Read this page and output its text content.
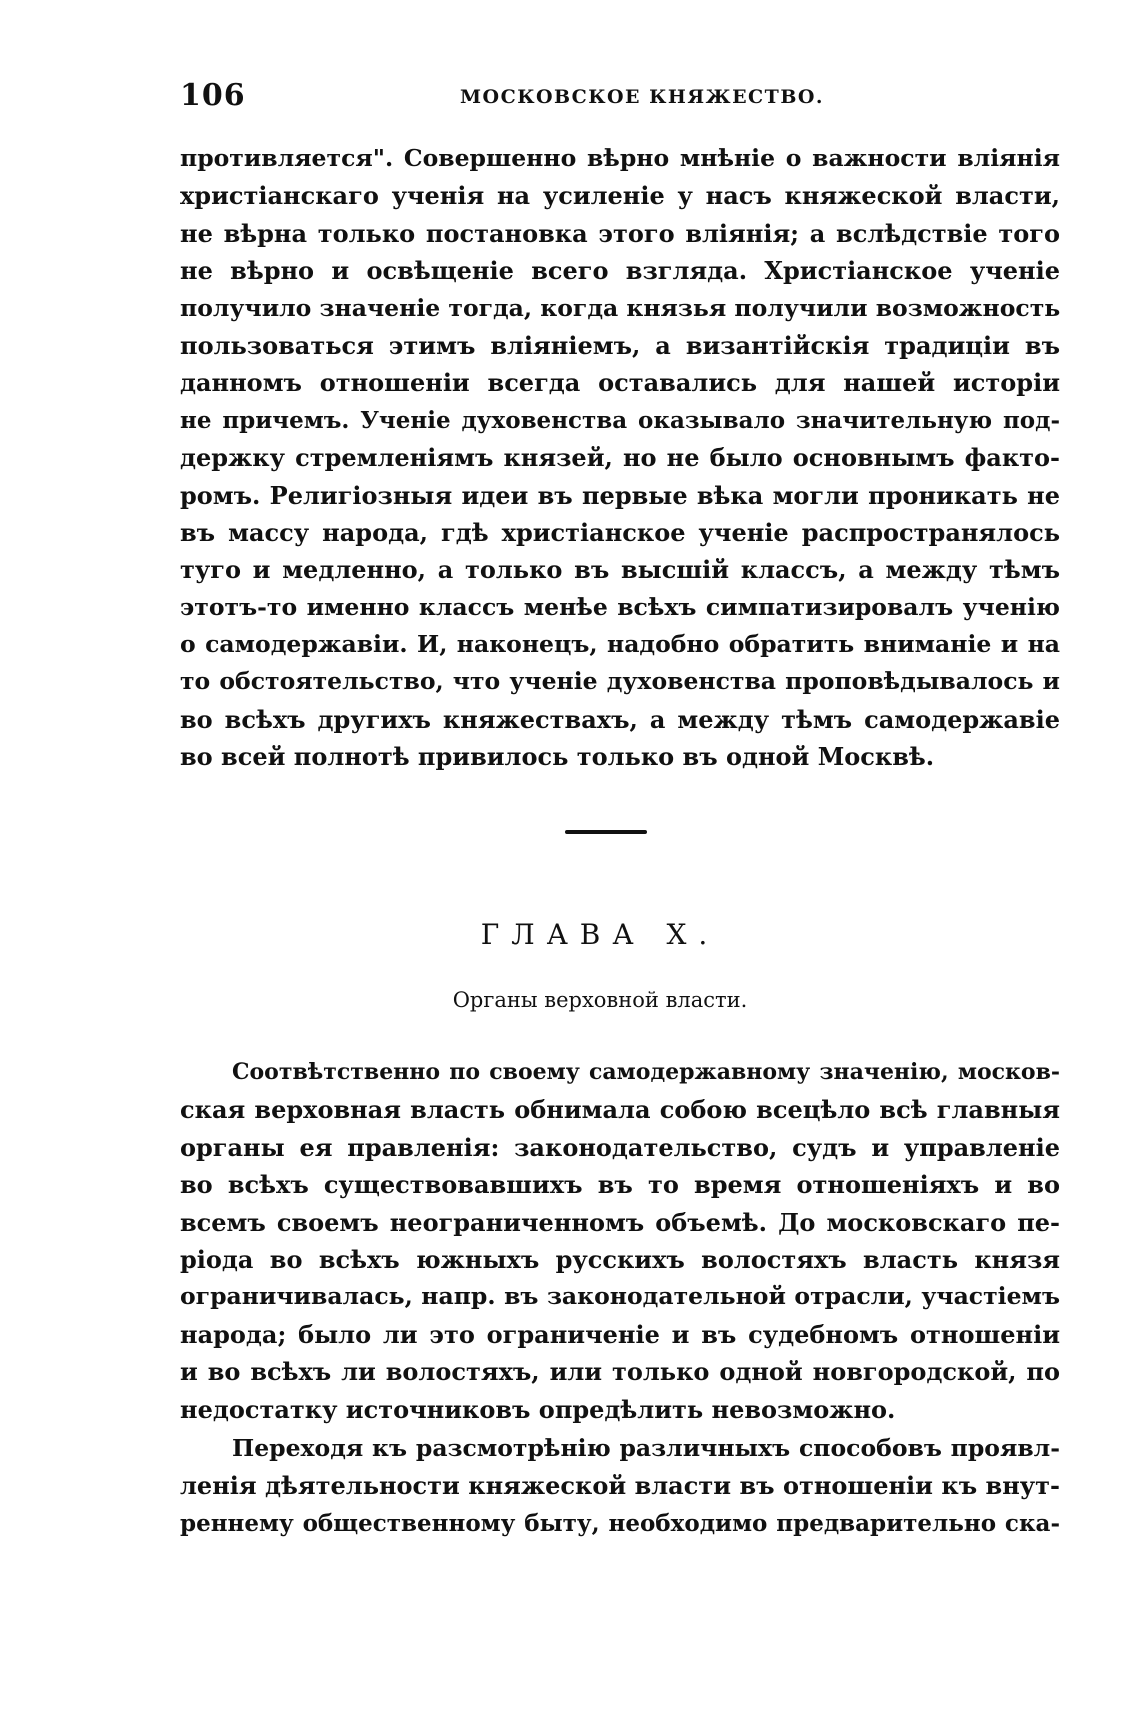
106	МОСКОВСКОЕ КНЯЖЕСТВО.
противляется". Совершенно вѣрно мнѣніе о важности вліянія
христіанскаго ученія на усиленіе у насъ княжеской власти,
не вѣрна только постановка этого вліянія; а вслѣдствіе того
не вѣрно и освѣщеніе всего взгляда. Христіанское ученіе
получило значеніе тогда, когда князья получили возможность
пользоваться этимъ вліяніемъ, а византійскія традиціи въ
данномъ отношеніи всегда оставались для нашей исторіи
не причемъ. Ученіе духовенства оказывало значительную под-
держку стремленіямъ князей, но не было основнымъ факто-
ромъ. Религіозныя идеи въ первые вѣка могли проникать не
въ массу народа, гдѣ христіанское ученіе распространялось
туго и медленно, а только въ высшій классъ, а между тѣмъ
этотъ-то именно классъ менѣе всѣхъ симпатизировалъ ученію
о самодержавіи. И, наконецъ, надобно обратить вниманіе и на
то обстоятельство, что ученіе духовенства проповѣдывалось и
во всѣхъ другихъ княжествахъ, а между тѣмъ самодержавіе
во всей полнотѣ привилось только въ одной Москвѣ.
ГЛАВА X.
Органы верховной власти.
Соотвѣтственно по своему самодержавному значенію, москов-
ская верховная власть обнимала собою всецѣло всѣ главныя
органы ея правленія: законодательство, судъ и управленіе
во всѣхъ существовавшихъ въ то время отношеніяхъ и во
всемъ своемъ неограниченномъ объемѣ. До московскаго пе-
ріода во всѣхъ южныхъ русскихъ волостяхъ власть князя
ограничивалась, напр. въ законодательной отрасли, участіемъ
народа; было ли это ограниченіе и въ судебномъ отношеніи
и во всѣхъ ли волостяхъ, или только одной новгородской, по
недостатку источниковъ опредѣлить невозможно.
Переходя къ разсмотрѣнію различныхъ способовъ проявл-
ленія дѣятельности княжеской власти въ отношеніи къ внут-
реннему общественному быту, необходимо предварительно ска-
